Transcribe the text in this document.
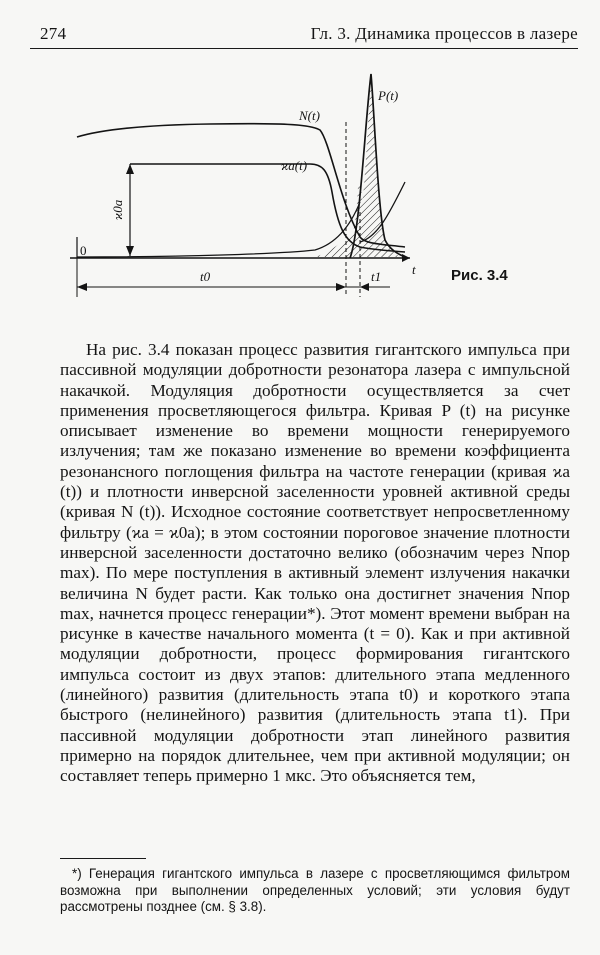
274	Гл. 3. Динамика процессов в лазере
N(t)
P(t)
ϰa(t)
ϰ0a
0
t0	t1 t Рис. 3.4
На рис. 3.4 показан процесс развития гигантского импульса при пассивной модуляции добротности резонатора лазера с импульсной накачкой. Модуляция добротности осуществляется за счет применения просветляющегося фильтра. Кривая P (t) на рисунке описывает изменение во времени мощности генерируемого излучения; там же показано изменение во времени коэффициента резонансного поглощения фильтра на частоте генерации (кривая ϰa (t)) и плотности инверсной заселенности уровней активной среды (кривая N (t)). Исходное состояние соответствует непросветленному фильтру (ϰa = ϰ0a); в этом состоянии пороговое значение плотности инверсной заселенности достаточно велико (обозначим через Nпор max). По мере поступления в активный элемент излучения накачки величина N будет расти. Как только она достигнет значения Nпор max, начнется процесс генерации*). Этот момент времени выбран на рисунке в качестве начального момента (t = 0). Как и при активной модуляции добротности, процесс формирования гигантского импульса состоит из двух этапов: длительного этапа медленного (линейного) развития (длительность этапа t0) и короткого этапа быстрого (нелинейного) развития (длительность этапа t1). При пассивной модуляции добротности этап линейного развития примерно на порядок длительнее, чем при активной модуляции; он составляет теперь примерно 1 мкс. Это объясняется тем,
*) Генерация гигантского импульса в лазере с просветляющимся фильтром возможна при выполнении определенных условий; эти условия будут рассмотрены позднее (см. § 3.8).
